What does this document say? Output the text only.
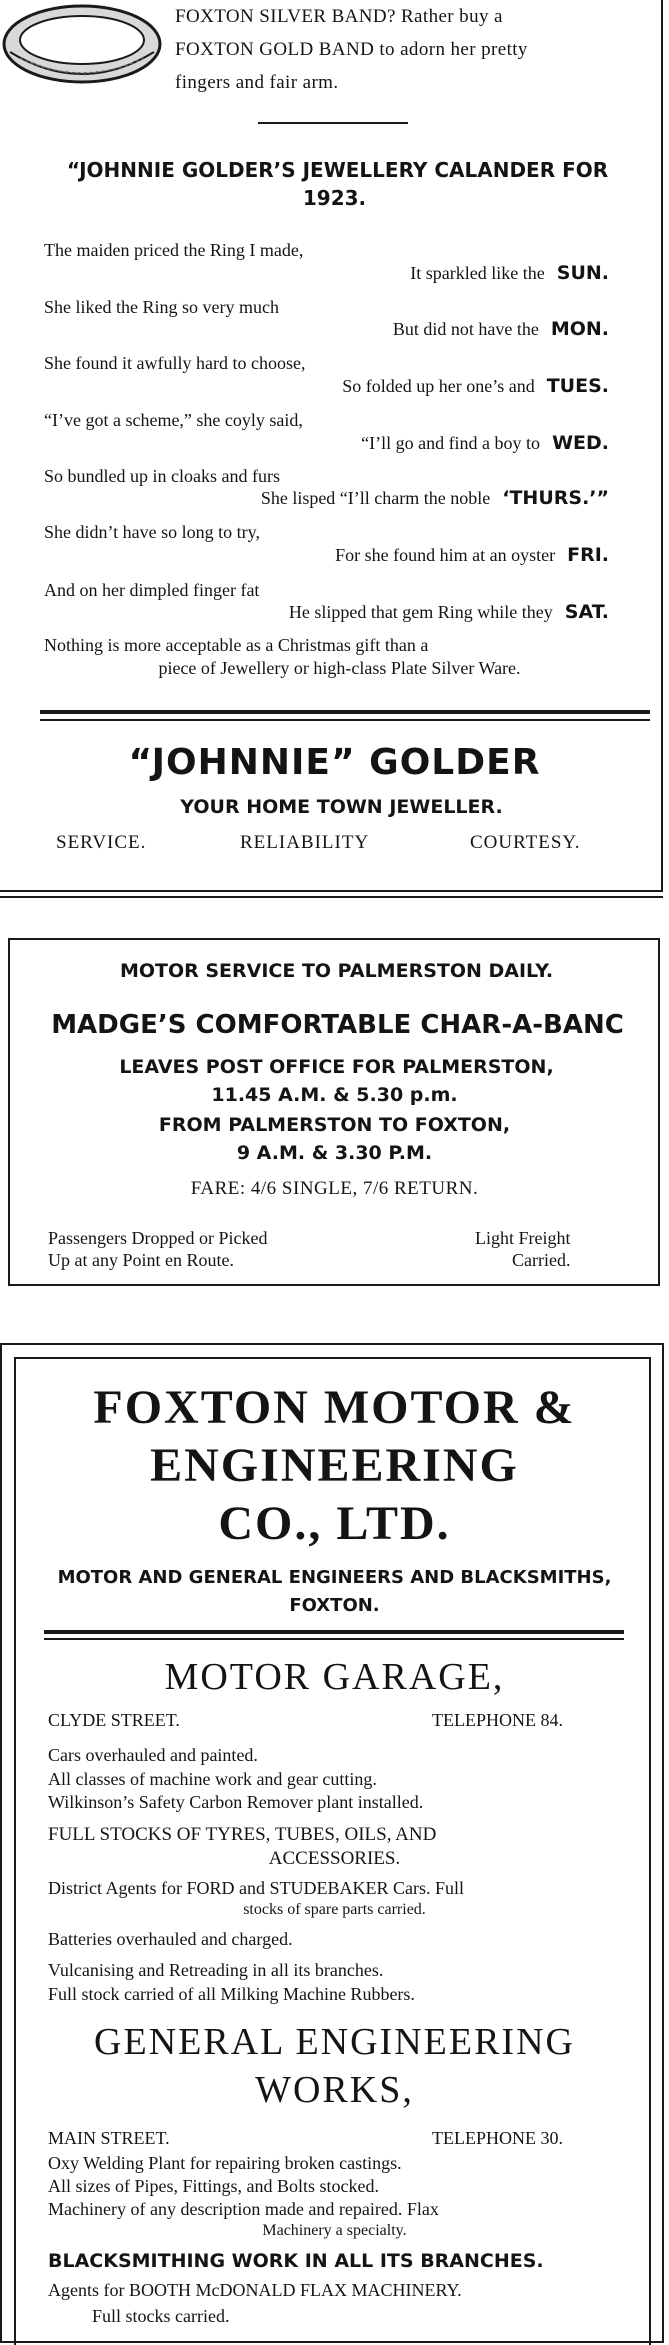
FOXTON SILVER BAND? Rather buy a
FOXTON GOLD BAND to adorn her pretty
fingers and fair arm.
“JOHNNIE GOLDER’S JEWELLERY CALANDER FOR
1923.
The maiden priced the Ring I made,
It sparkled like the SUN.
She liked the Ring so very much
But did not have the MON.
She found it awfully hard to choose,
So folded up her one’s and TUES.
“I’ve got a scheme,” she coyly said,
“I’ll go and find a boy to WED.
So bundled up in cloaks and furs
She lisped “I’ll charm the noble ‘THURS.’”
She didn’t have so long to try,
For she found him at an oyster FRI.
And on her dimpled finger fat
He slipped that gem Ring while they SAT.
Nothing is more acceptable as a Christmas gift than a
piece of Jewellery or high-class Plate Silver Ware.
“JOHNNIE” GOLDER
YOUR HOME TOWN JEWELLER.
SERVICE.	RELIABILITY	COURTESY.
MOTOR SERVICE TO PALMERSTON DAILY.
MADGE’S COMFORTABLE CHAR-A-BANC
LEAVES POST OFFICE FOR PALMERSTON,
11.45 A.M. & 5.30 p.m.
FROM PALMERSTON TO FOXTON,
9 A.M. & 3.30 P.M.
FARE: 4/6 SINGLE, 7/6 RETURN.
Passengers Dropped or Picked
Up at any Point en Route.
Light Freight
Carried.
FOXTON MOTOR &
ENGINEERING
CO., LTD.
MOTOR AND GENERAL ENGINEERS AND BLACKSMITHS,
FOXTON.
MOTOR GARAGE,
CLYDE STREET.	TELEPHONE 84.
Cars overhauled and painted.
All classes of machine work and gear cutting.
Wilkinson’s Safety Carbon Remover plant installed.
FULL STOCKS OF TYRES, TUBES, OILS, AND
ACCESSORIES.
District Agents for FORD and STUDEBAKER Cars. Full
stocks of spare parts carried.
Batteries overhauled and charged.
Vulcanising and Retreading in all its branches.
Full stock carried of all Milking Machine Rubbers.
GENERAL ENGINEERING
WORKS,
MAIN STREET.	TELEPHONE 30.
Oxy Welding Plant for repairing broken castings.
All sizes of Pipes, Fittings, and Bolts stocked.
Machinery of any description made and repaired. Flax
Machinery a specialty.
BLACKSMITHING WORK IN ALL ITS BRANCHES.
Agents for BOOTH McDONALD FLAX MACHINERY.
Full stocks carried.
